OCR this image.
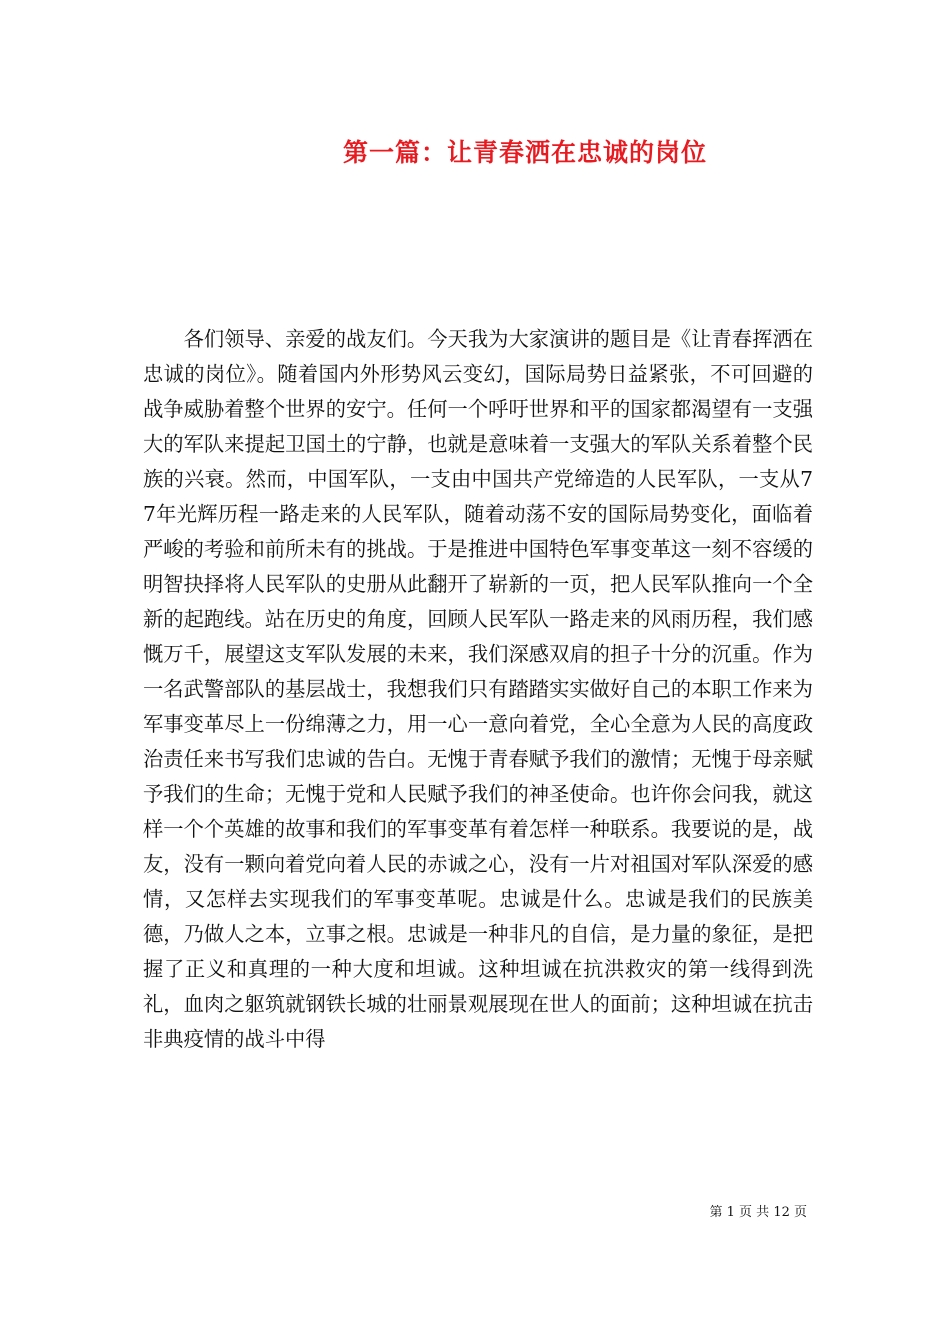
第一篇：让青春洒在忠诚的岗位

各们领导、亲爱的战友们。今天我为大家演讲的题目是《让青春挥洒在忠诚的岗位》。随着国内外形势风云变幻，国际局势日益紧张，不可回避的战争威胁着整个世界的安宁。任何一个呼吁世界和平的国家都渴望有一支强大的军队来提起卫国土的宁静，也就是意味着一支强大的军队关系着整个民族的兴衰。然而，中国军队，一支由中国共产党缔造的人民军队，一支从77年光辉历程一路走来的人民军队，随着动荡不安的国际局势变化，面临着严峻的考验和前所未有的挑战。于是推进中国特色军事变革这一刻不容缓的明智抉择将人民军队的史册从此翻开了崭新的一页，把人民军队推向一个全新的起跑线。站在历史的角度，回顾人民军队一路走来的风雨历程，我们感慨万千，展望这支军队发展的未来，我们深感双肩的担子十分的沉重。作为一名武警部队的基层战士，我想我们只有踏踏实实做好自己的本职工作来为军事变革尽上一份绵薄之力，用一心一意向着党，全心全意为人民的高度政治责任来书写我们忠诚的告白。无愧于青春赋予我们的激情；无愧于母亲赋予我们的生命；无愧于党和人民赋予我们的神圣使命。也许你会问我，就这样一个个英雄的故事和我们的军事变革有着怎样一种联系。我要说的是，战友，没有一颗向着党向着人民的赤诚之心，没有一片对祖国对军队深爱的感情，又怎样去实现我们的军事变革呢。忠诚是什么。忠诚是我们的民族美德，乃做人之本，立事之根。忠诚是一种非凡的自信，是力量的象征，是把握了正义和真理的一种大度和坦诚。这种坦诚在抗洪救灾的第一线得到洗礼，血肉之躯筑就钢铁长城的壮丽景观展现在世人的面前；这种坦诚在抗击非典疫情的战斗中得

第 1 页 共 12 页
